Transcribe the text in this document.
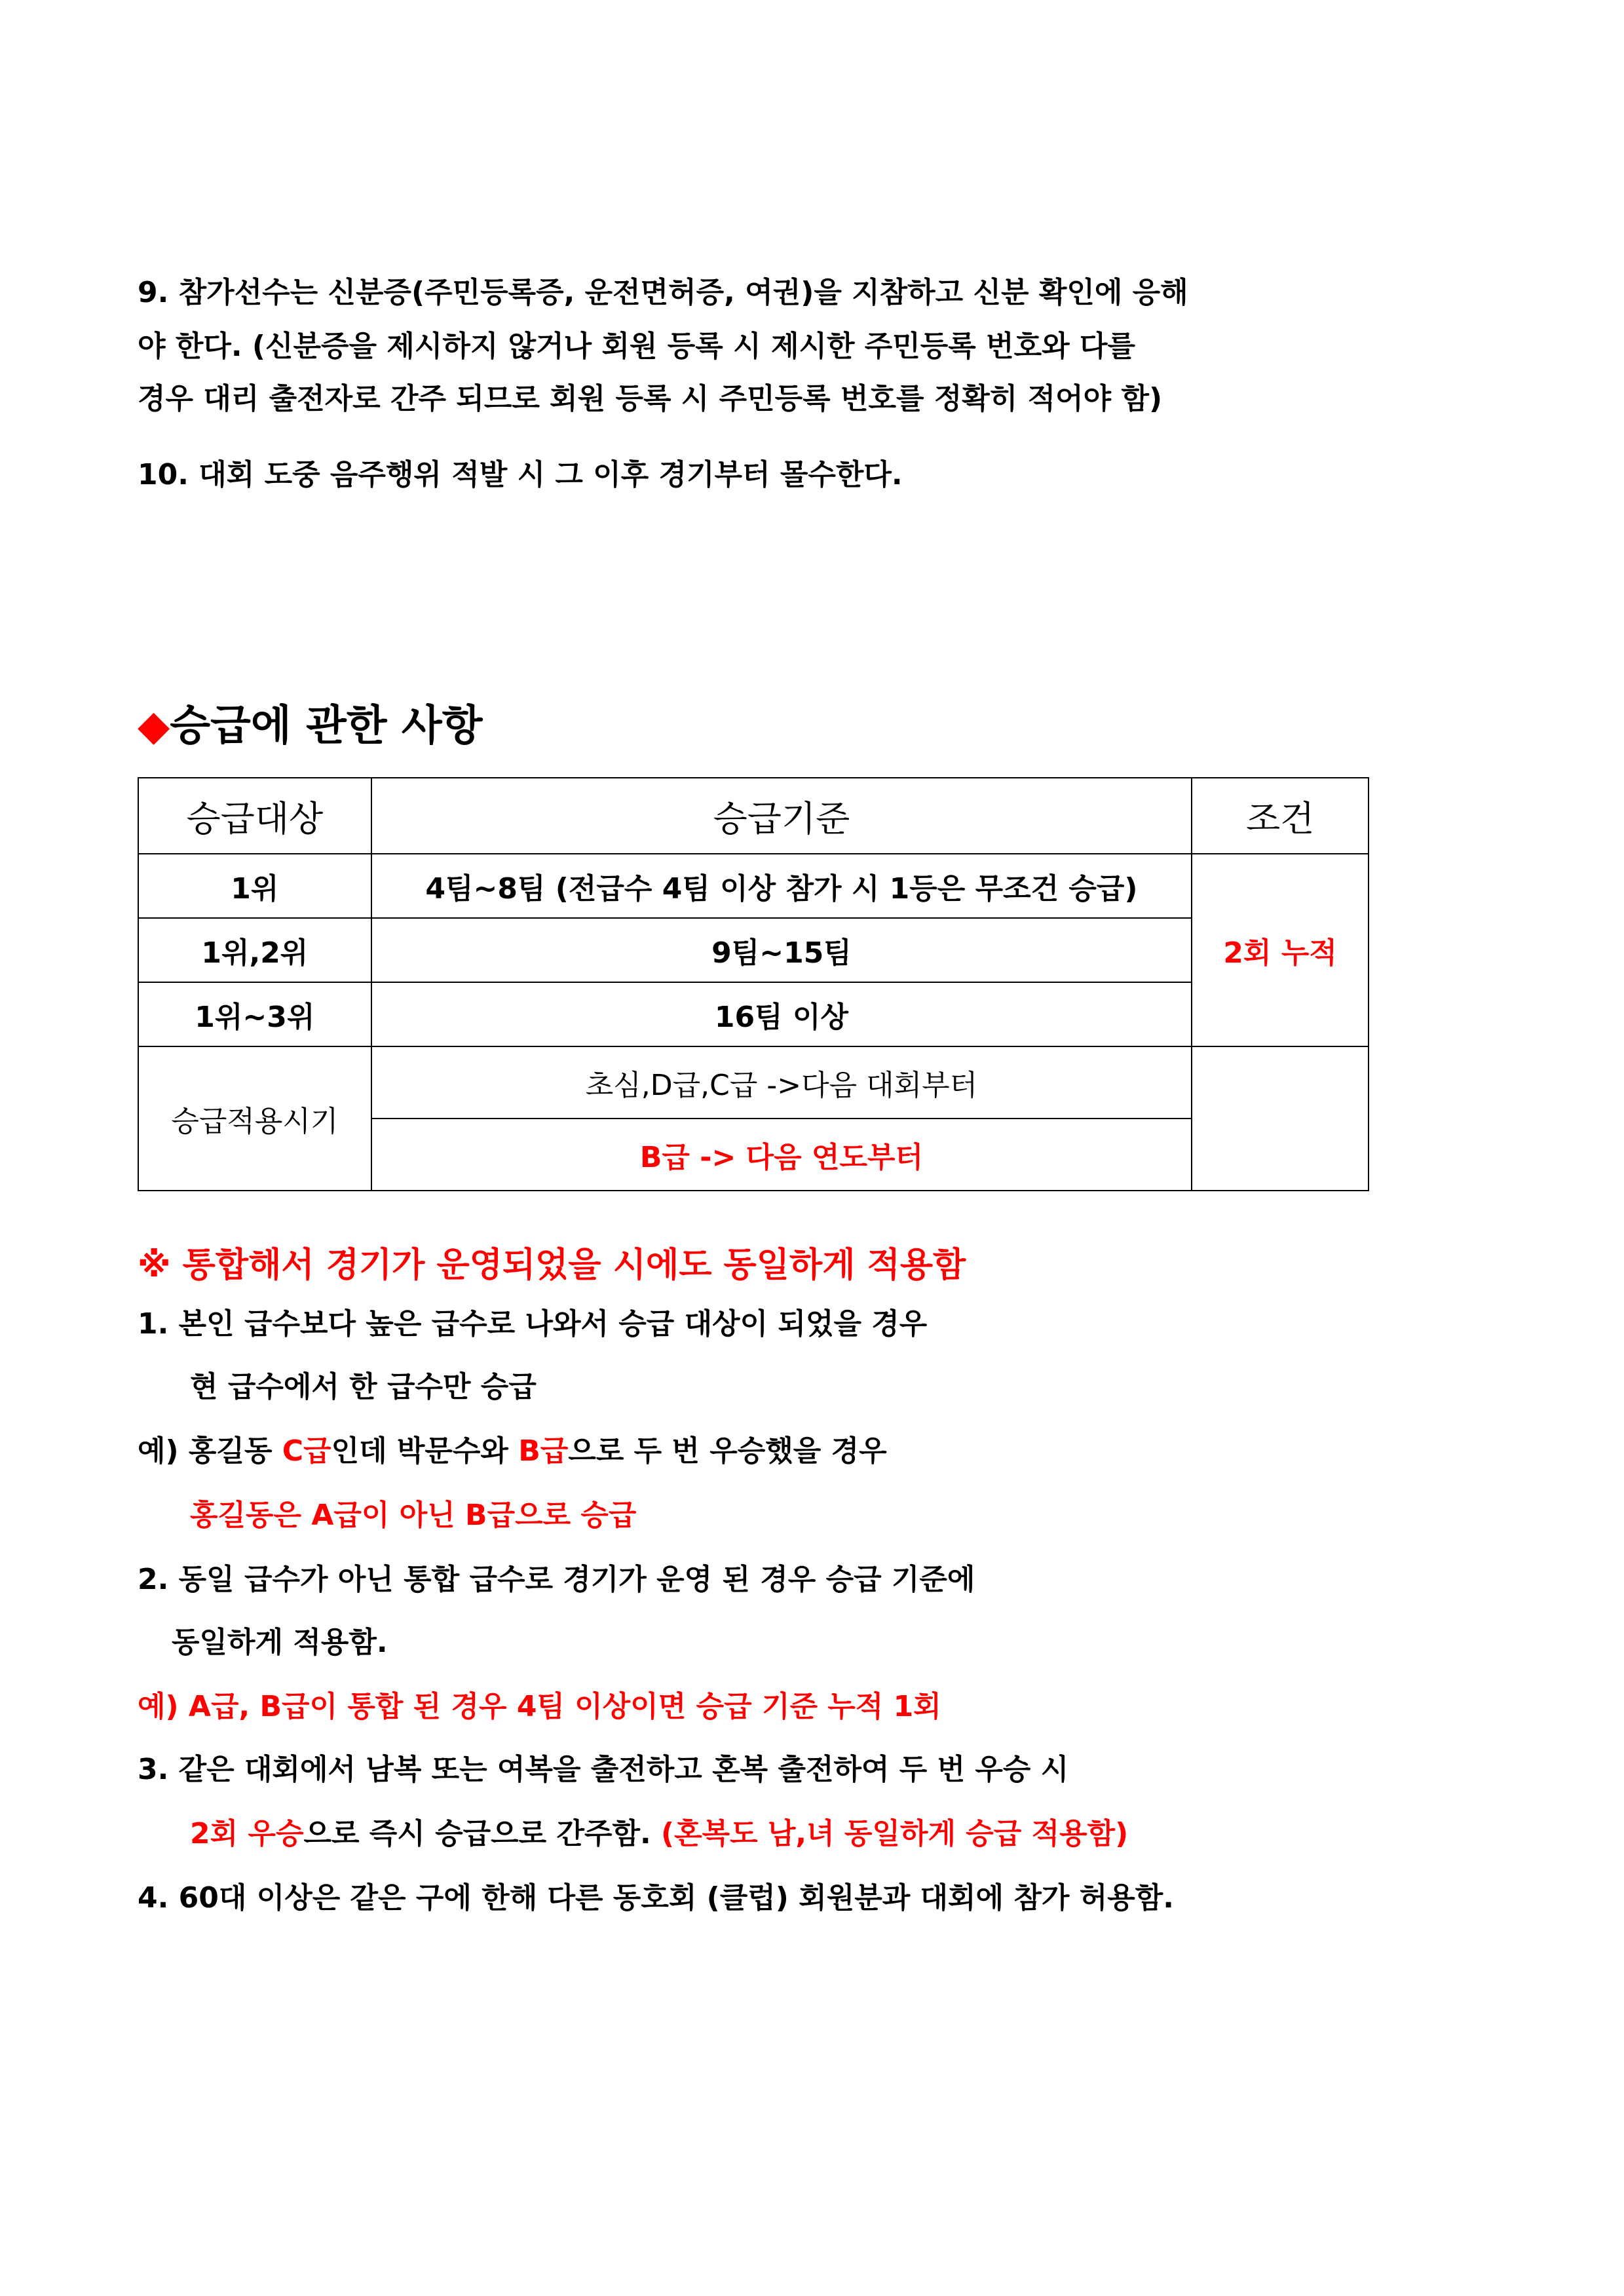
9. 참가선수는 신분증(주민등록증, 운전면허증, 여권)을 지참하고 신분 확인에 응해
야 한다. (신분증을 제시하지 않거나 회원 등록 시 제시한 주민등록 번호와 다를
경우 대리 출전자로 간주 되므로 회원 등록 시 주민등록 번호를 정확히 적어야 함)
10. 대회 도중 음주행위 적발 시 그 이후 경기부터 몰수한다.
◆승급에 관한 사항
승급대상	승급기준	조건
1위	4팀~8팀 (전급수 4팀 이상 참가 시 1등은 무조건 승급)	2회 누적
1위,2위	9팀~15팀	
1위~3위	16팀 이상	
승급적용시기	초심,D급,C급 ->다음 대회부터	
	B급 -> 다음 연도부터	
※ 통합해서 경기가 운영되었을 시에도 동일하게 적용함
1. 본인 급수보다 높은 급수로 나와서 승급 대상이 되었을 경우
현 급수에서 한 급수만 승급
예) 홍길동 C급인데 박문수와 B급으로 두 번 우승했을 경우
홍길동은 A급이 아닌 B급으로 승급
2. 동일 급수가 아닌 통합 급수로 경기가 운영 된 경우 승급 기준에
동일하게 적용함.
예) A급, B급이 통합 된 경우 4팀 이상이면 승급 기준 누적 1회
3. 같은 대회에서 남복 또는 여복을 출전하고 혼복 출전하여 두 번 우승 시
2회 우승으로 즉시 승급으로 간주함. (혼복도 남,녀 동일하게 승급 적용함)
4. 60대 이상은 같은 구에 한해 다른 동호회 (클럽) 회원분과 대회에 참가 허용함.
